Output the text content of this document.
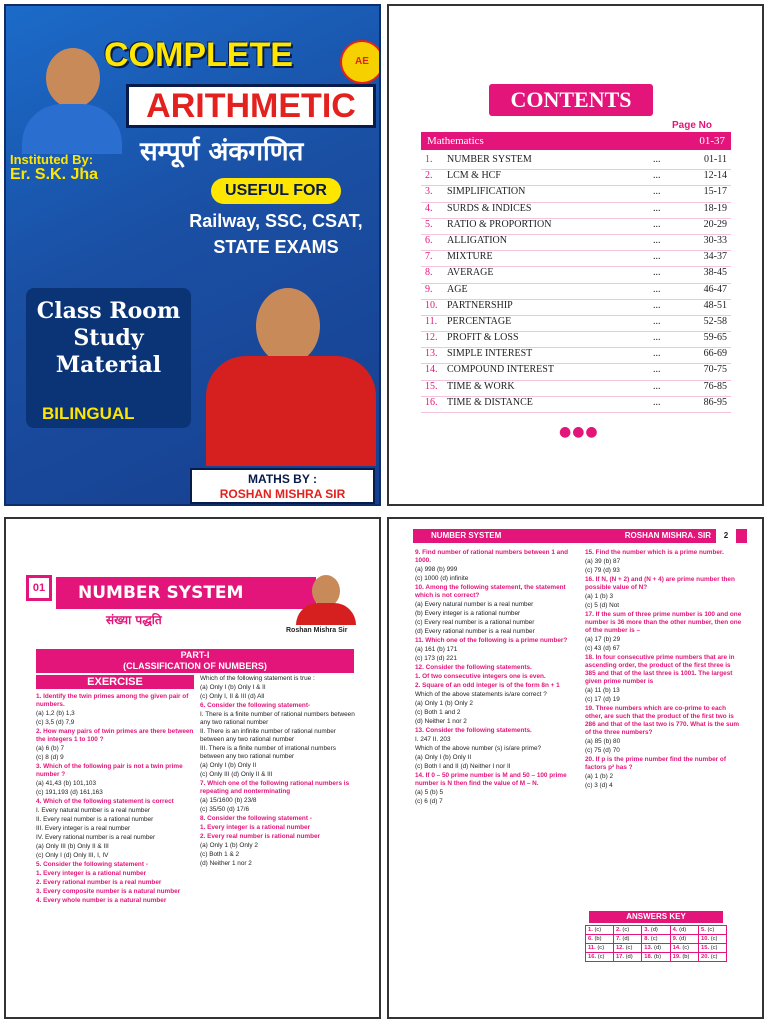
COMPLETE	AE
ARITHMETIC
सम्पूर्ण अंकगणित
Instituted By:
Er. S.K. Jha
USEFUL FOR
Railway, SSC, CSAT,
STATE EXAMS
Class Room
Study
Material
BILINGUAL
MATHS BY :
ROSHAN MISHRA SIR
CONTENTS
Page No
Mathematics	01-37
1. NUMBER SYSTEM	...	01-11
2. LCM & HCF	...	12-14
3. SIMPLIFICATION	...	15-17
4. SURDS & INDICES	...	18-19
5. RATIO & PROPORTION	...	20-29
6. ALLIGATION	...	30-33
7. MIXTURE	...	34-37
8. AVERAGE	...	38-45
9. AGE	...	46-47
10. PARTNERSHIP	...	48-51
11. PERCENTAGE	...	52-58
12. PROFIT & LOSS	...	59-65
13. SIMPLE INTEREST	...	66-69
14. COMPOUND INTEREST	...	70-75
15. TIME & WORK	...	76-85
16. TIME & DISTANCE	...	86-95
●●●
01	NUMBER SYSTEM
संख्या पद्धति
Roshan Mishra Sir
PART-I
(CLASSIFICATION OF NUMBERS)
EXERCISE
1. Identify the twin primes among the given pair of numbers.
(a) 1,2 (b) 1,3
(c) 3,5 (d) 7,9
2. How many pairs of twin primes are there between the integers 1 to 100 ?
(a) 6 (b) 7
(c) 8 (d) 9
3. Which of the following pair is not a twin prime number ?
(a) 41,43 (b) 101,103
(c) 191,193 (d) 161,163
4. Which of the following statement is correct
I. Every natural number is a real number
II. Every real number is a rational number
III. Every integer is a real number
IV. Every rational number is a real number
(a) Only III (b) Only II & III
(c) Only I (d) Only III, I, IV
5. Consider the following statement -
1. Every integer is a rational number
2. Every rational number is a real number
3. Every composite number is a natural number
4. Every whole number is a natural number
Which of the following statement is true :
(a) Only I (b) Only I & II
(c) Only I, II & III (d) All
6. Consider the following statement-
I. There is a finite number of rational numbers between any two rational number
II. There is an infinite number of rational number between any two rational number
III. There is a finite number of irrational numbers between any two rational number
(a) Only I (b) Only II
(c) Only III (d) Only II & III
7. Which one of the following rational numbers is repeating and nonterminating
(a) 15/1600 (b) 23/8
(c) 35/50 (d) 17/6
8. Consider the following statement -
1. Every integer is a rational number
2. Every real number is rational number
(a) Only 1 (b) Only 2
(c) Both 1 & 2
(d) Neither 1 nor 2
NUMBER SYSTEM	ROSHAN MISHRA. SIR	2
9. Find number of rational numbers between 1 and 1000.
(a) 998 (b) 999
(c) 1000 (d) infinite
10. Among the following statement, the statement which is not correct?
(a) Every natural number is a real number
(b) Every integer is a rational number
(c) Every real number is a rational number
(d) Every rational number is a real number
11. Which one of the following is a prime number?
(a) 161 (b) 171
(c) 173 (d) 221
12. Consider the following statements.
1. Of two consecutive integers one is even.
2. Square of an odd integer is of the form 8n + 1
Which of the above statements is/are correct ?
(a) Only 1 (b) Only 2
(c) Both 1 and 2
(d) Neither 1 nor 2
13. Consider the following statements.
I. 247 II. 203
Which of the above number (s) is/are prime?
(a) Only I (b) Only II
(c) Both I and II (d) Neither I nor II
14. If 0 – 50 prime number is M and 50 – 100 prime number is N then find the value of M – N.
(a) 5 (b) 5
(c) 6 (d) 7
15. Find the number which is a prime number.
(a) 39 (b) 87
(c) 79 (d) 93
16. If N, (N + 2) and (N + 4) are prime number then possible value of N?
(a) 1 (b) 3
(c) 5 (d) Not
17. If the sum of three prime number is 100 and one number is 36 more than the other number, then one of the number is –
(a) 17 (b) 29
(c) 43 (d) 67
18. In four consecutive prime numbers that are in ascending order, the product of the first three is 385 and that of the last three is 1001. The largest given prime number is
(a) 11 (b) 13
(c) 17 (d) 19
19. Three numbers which are co-prime to each other, are such that the product of the first two is 286 and that of the last two is 770. What is the sum of the three numbers?
(a) 85 (b) 80
(c) 75 (d) 70
20. If p is the prime number find the number of factors p² has ?
(a) 1 (b) 2
(c) 3 (d) 4
ANSWERS KEY
1. (c)	2. (c)	3. (d)	4. (d)	5. (c)
6. (b)	7. (d)	8. (c)	9. (d)	10. (c)
11. (c)	12. (c)	13. (d)	14. (c)	15. (c)
16. (c)	17. (d)	18. (b)	19. (b)	20. (c)
